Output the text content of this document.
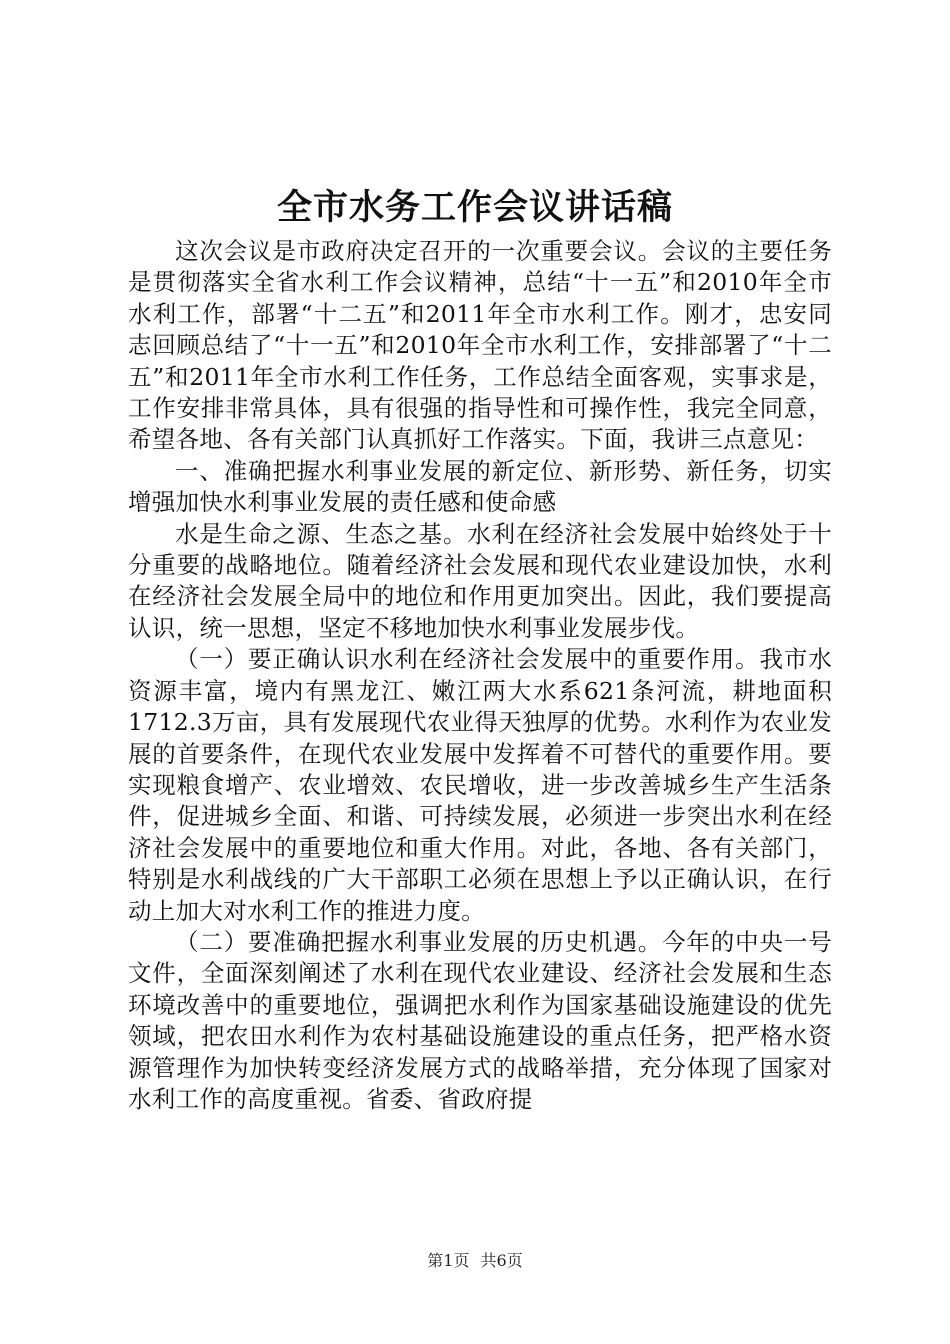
全市水务工作会议讲话稿

这次会议是市政府决定召开的一次重要会议。会议的主要任务是贯彻落实全省水利工作会议精神，总结“十一五”和2010年全市水利工作，部署“十二五”和2011年全市水利工作。刚才，忠安同志回顾总结了“十一五”和2010年全市水利工作，安排部署了“十二五”和2011年全市水利工作任务，工作总结全面客观，实事求是，工作安排非常具体，具有很强的指导性和可操作性，我完全同意，希望各地、各有关部门认真抓好工作落实。下面，我讲三点意见：

一、准确把握水利事业发展的新定位、新形势、新任务，切实增强加快水利事业发展的责任感和使命感

水是生命之源、生态之基。水利在经济社会发展中始终处于十分重要的战略地位。随着经济社会发展和现代农业建设加快，水利在经济社会发展全局中的地位和作用更加突出。因此，我们要提高认识，统一思想，坚定不移地加快水利事业发展步伐。

（一）要正确认识水利在经济社会发展中的重要作用。我市水资源丰富，境内有黑龙江、嫩江两大水系621条河流，耕地面积1712.3万亩，具有发展现代农业得天独厚的优势。水利作为农业发展的首要条件，在现代农业发展中发挥着不可替代的重要作用。要实现粮食增产、农业增效、农民增收，进一步改善城乡生产生活条件，促进城乡全面、和谐、可持续发展，必须进一步突出水利在经济社会发展中的重要地位和重大作用。对此，各地、各有关部门，特别是水利战线的广大干部职工必须在思想上予以正确认识，在行动上加大对水利工作的推进力度。

（二）要准确把握水利事业发展的历史机遇。今年的中央一号文件，全面深刻阐述了水利在现代农业建设、经济社会发展和生态环境改善中的重要地位，强调把水利作为国家基础设施建设的优先领域，把农田水利作为农村基础设施建设的重点任务，把严格水资源管理作为加快转变经济发展方式的战略举措，充分体现了国家对水利工作的高度重视。省委、省政府提

第1页 共6页
